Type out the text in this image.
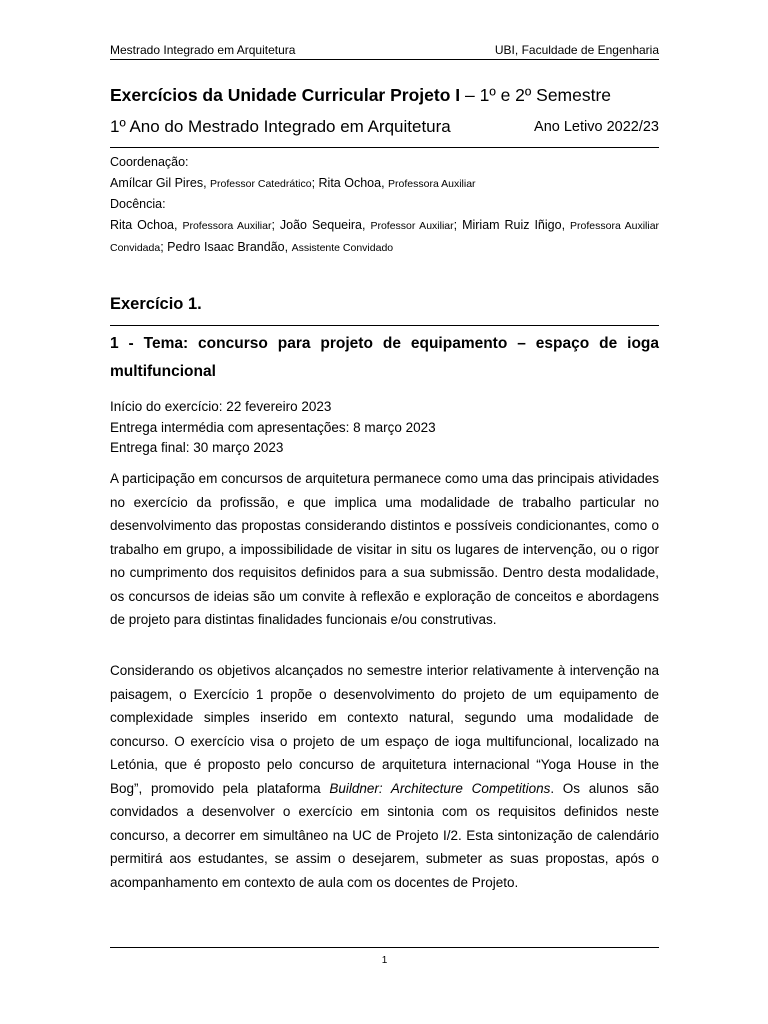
Mestrado Integrado em Arquitetura	UBI, Faculdade de Engenharia
Exercícios da Unidade Curricular Projeto I – 1º e 2º Semestre
1º Ano do Mestrado Integrado em Arquitetura	Ano Letivo 2022/23
Coordenação:
Amílcar Gil Pires, Professor Catedrático; Rita Ochoa, Professora Auxiliar
Docência:
Rita Ochoa, Professora Auxiliar; João Sequeira, Professor Auxiliar; Miriam Ruiz Iñigo, Professora Auxiliar Convidada; Pedro Isaac Brandão, Assistente Convidado
Exercício 1.
1 - Tema: concurso para projeto de equipamento – espaço de ioga multifuncional
Início do exercício: 22 fevereiro 2023
Entrega intermédia com apresentações: 8 março 2023
Entrega final: 30 março 2023
A participação em concursos de arquitetura permanece como uma das principais atividades no exercício da profissão, e que implica uma modalidade de trabalho particular no desenvolvimento das propostas considerando distintos e possíveis condicionantes, como o trabalho em grupo, a impossibilidade de visitar in situ os lugares de intervenção, ou o rigor no cumprimento dos requisitos definidos para a sua submissão. Dentro desta modalidade, os concursos de ideias são um convite à reflexão e exploração de conceitos e abordagens de projeto para distintas finalidades funcionais e/ou construtivas.
Considerando os objetivos alcançados no semestre interior relativamente à intervenção na paisagem, o Exercício 1 propõe o desenvolvimento do projeto de um equipamento de complexidade simples inserido em contexto natural, segundo uma modalidade de concurso. O exercício visa o projeto de um espaço de ioga multifuncional, localizado na Letónia, que é proposto pelo concurso de arquitetura internacional “Yoga House in the Bog”, promovido pela plataforma Buildner: Architecture Competitions. Os alunos são convidados a desenvolver o exercício em sintonia com os requisitos definidos neste concurso, a decorrer em simultâneo na UC de Projeto I/2. Esta sintonização de calendário permitirá aos estudantes, se assim o desejarem, submeter as suas propostas, após o acompanhamento em contexto de aula com os docentes de Projeto.
1
